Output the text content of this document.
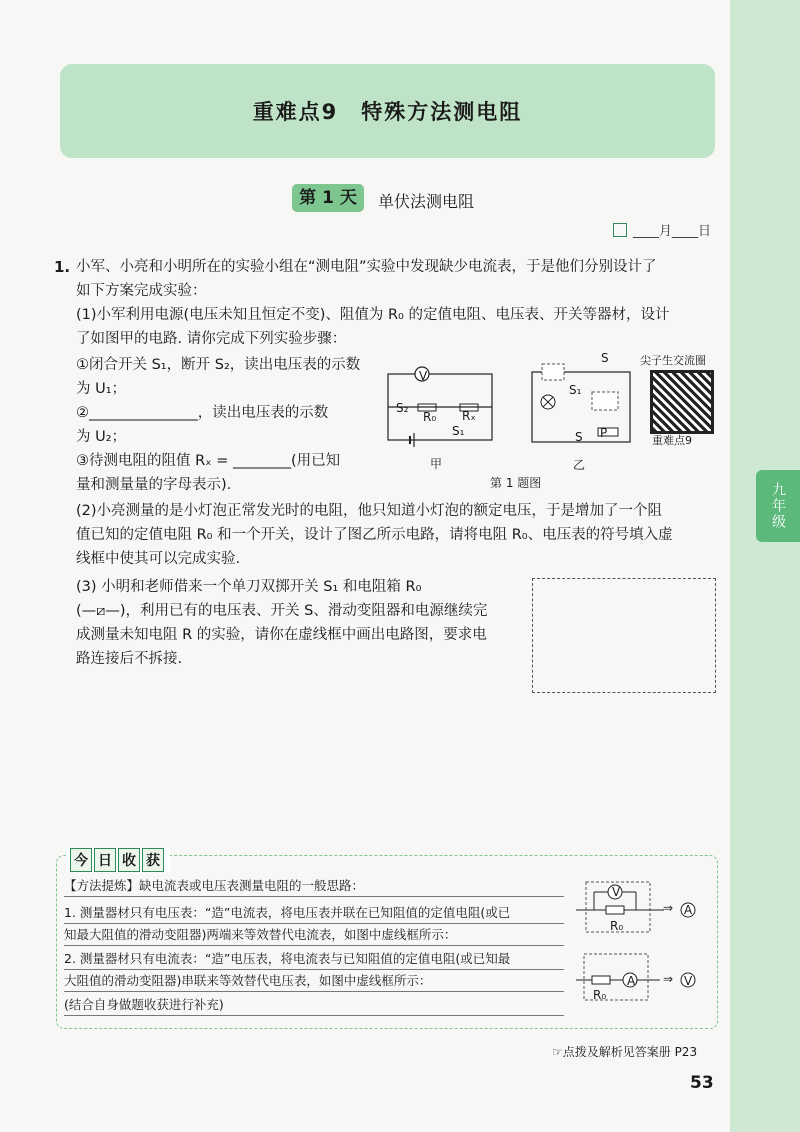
九年级
重难点9　特殊方法测电阻
第 1 天	单伏法测电阻
____月____日
1. 小军、小亮和小明所在的实验小组在“测电阻”实验中发现缺少电流表，于是他们分别设计了
如下方案完成实验：
(1)小军利用电源(电压未知且恒定不变)、阻值为 R₀ 的定值电阻、电压表、开关等器材，设计
了如图甲的电路. 请你完成下列实验步骤：
①闭合开关 S₁，断开 S₂，读出电压表的示数
为 U₁；
②_______________，读出电压表的示数
为 U₂；
③待测电阻的阻值 Rₓ = ________(用已知
量和测量量的字母表示).
(2)小亮测量的是小灯泡正常发光时的电阻，他只知道小灯泡的额定电压，于是增加了一个阻
值已知的定值电阻 R₀ 和一个开关，设计了图乙所示电路，请将电阻 R₀、电压表的符号填入虚
线框中使其可以完成实验.
(3) 小明和老师借来一个单刀双掷开关 S₁ 和电阻箱 R₀
(—⧄—)，利用已有的电压表、开关 S、滑动变阻器和电源继续完
成测量未知电阻 R 的实验，请你在虚线框中画出电路图，要求电
路连接后不拆接.
V
S₂
R₀ Rₓ
S₁
甲
S
S₁
S P
乙
第 1 题图
尖子生交流圈
重难点9
今 日 收 获
【方法提炼】缺电流表或电压表测量电阻的一般思路：
1. 测量器材只有电压表：“造”电流表，将电压表并联在已知阻值的定值电阻(或已
知最大阻值的滑动变阻器)两端来等效替代电流表，如图中虚线框所示：
2. 测量器材只有电流表：“造”电压表，将电流表与已知阻值的定值电阻(或已知最
大阻值的滑动变阻器)串联来等效替代电压表，如图中虚线框所示：
(结合自身做题收获进行补充)
V
R₀
⇒ A
R₀
A ⇒ V
☞点拨及解析见答案册 P23
53
